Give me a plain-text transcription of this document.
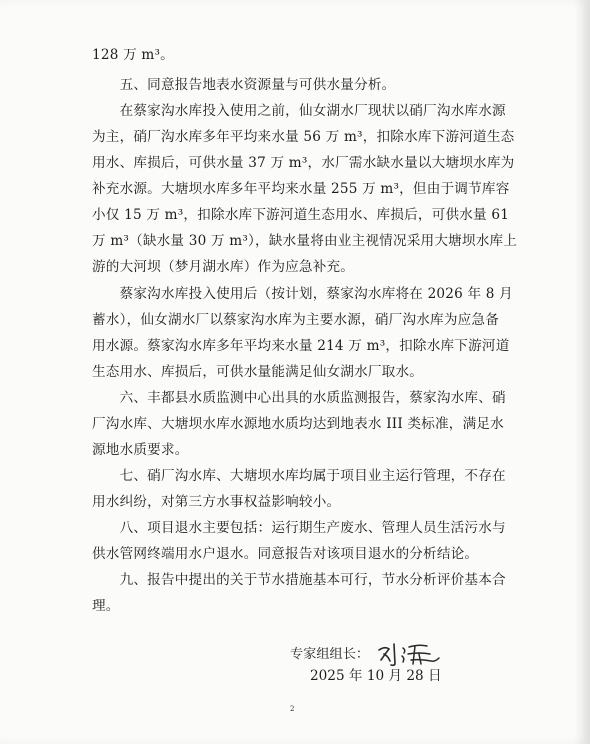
128 万 m³。
　　五、同意报告地表水资源量与可供水量分析。
　　在蔡家沟水库投入使用之前，仙女湖水厂现状以硝厂沟水库水源
为主，硝厂沟水库多年平均来水量 56 万 m³，扣除水库下游河道生态
用水、库损后，可供水量 37 万 m³，水厂需水缺水量以大塘坝水库为
补充水源。大塘坝水库多年平均来水量 255 万 m³，但由于调节库容
小仅 15 万 m³，扣除水库下游河道生态用水、库损后，可供水量 61
万 m³（缺水量 30 万 m³），缺水量将由业主视情况采用大塘坝水库上
游的大河坝（梦月湖水库）作为应急补充。
　　蔡家沟水库投入使用后（按计划，蔡家沟水库将在 2026 年 8 月
蓄水），仙女湖水厂以蔡家沟水库为主要水源，硝厂沟水库为应急备
用水源。蔡家沟水库多年平均来水量 214 万 m³，扣除水库下游河道
生态用水、库损后，可供水量能满足仙女湖水厂取水。
　　六、丰都县水质监测中心出具的水质监测报告，蔡家沟水库、硝
厂沟水库、大塘坝水库水源地水质均达到地表水 III 类标准，满足水
源地水质要求。
　　七、硝厂沟水库、大塘坝水库均属于项目业主运行管理，不存在
用水纠纷，对第三方水事权益影响较小。
　　八、项目退水主要包括：运行期生产废水、管理人员生活污水与
供水管网终端用水户退水。同意报告对该项目退水的分析结论。
　　九、报告中提出的关于节水措施基本可行，节水分析评价基本合
理。
专家组组长：
2025 年 10 月 28 日
2
